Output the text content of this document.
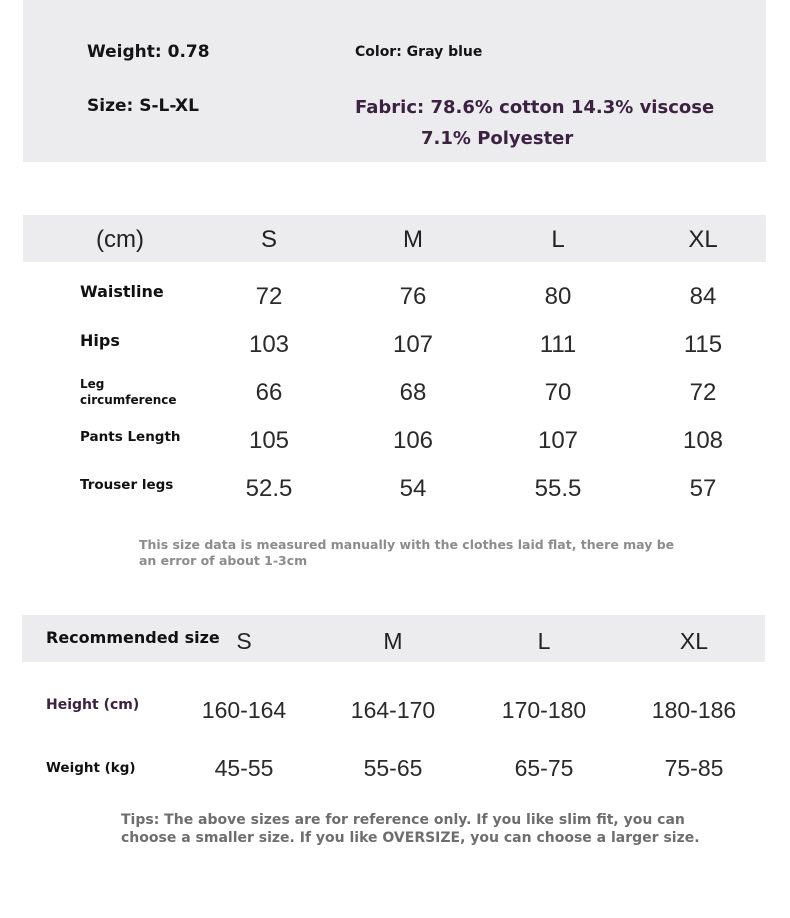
Weight: 0.78	Color: Gray blue
Size: S-L-XL	Fabric: 78.6% cotton 14.3% viscose
7.1% Polyester
(cm)	S	M	L	XL
Waistline	72	76	80	84
Hips	103	107	111	115
Leg
circumference	66	68	70	72
Pants Length	105	106	107	108
Trouser legs	52.5	54	55.5	57
This size data is measured manually with the clothes laid flat, there may be an error of about 1-3cm
Recommended size S	M	L	XL
Height (cm)	160-164	164-170	170-180	180-186
Weight (kg)	45-55	55-65	65-75	75-85
Tips: The above sizes are for reference only. If you like slim fit, you can choose a smaller size. If you like OVERSIZE, you can choose a larger size.
